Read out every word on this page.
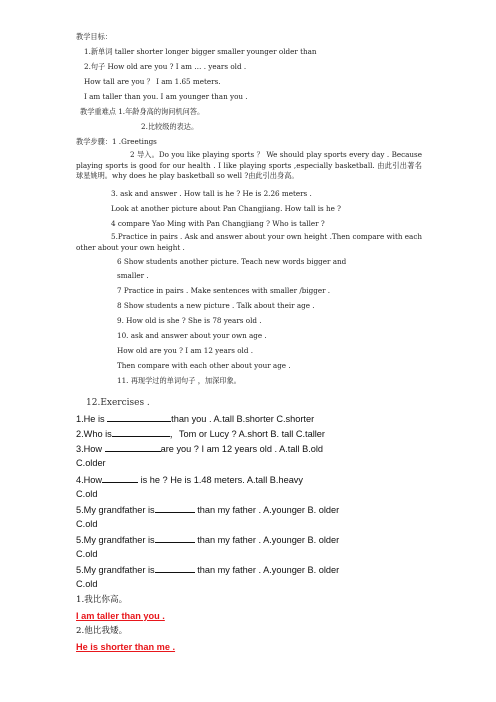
教学目标：
1.新单词 taller shorter longer bigger smaller younger older than
2.句子 How old are you ? I am … . years old .
How tall are you ？ I am 1.65 meters.
I am taller than you. I am younger than you .
教学重难点 1.年龄身高的询问机问答。
2.比较级的表达。
教学步骤：1 .Greetings
2 导入。Do you like playing sports ？ We should play sports every day . Because playing sports is good for our health . I like playing sports ,especially basketball. 由此引出著名球星姚明。why does he play basketball so well ?由此引出身高。
3. ask and answer . How tall is he ? He is 2.26 meters .
Look at another picture about Pan Changjiang. How tall is he ?
4 compare Yao Ming with Pan Changjiang ? Who is taller ?
5.Practice in pairs . Ask and answer about your own height .Then compare with each other about your own height .
6 Show students another picture. Teach new words bigger and
smaller .
7 Practice in pairs . Make sentences with smaller /bigger .
8 Show students a new picture . Talk about their age .
9. How old is she ? She is 78 years old .
10. ask and answer about your own age .
How old are you ? I am 12 years old .
Then compare with each other about your age .
11. 再现学过的单词句子 ，加深印象。
12.Exercises .
1.He is	than you . A.tall B.shorter C.shorter
2.Who is	，Tom or Lucy ? A.short B. tall C.taller
3.How	are you ? I am 12 years old . A.tall B.old
C.older
4.How	is he ? He is 1.48 meters. A.tall B.heavy
C.old
5.My grandfather is	than my father . A.younger B. older
C.old
5.My grandfather is	than my father . A.younger B. older
C.old
5.My grandfather is	than my father . A.younger B. older
C.old
1.我比你高。
I am taller than you .
2.他比我矮。
He is shorter than me .
